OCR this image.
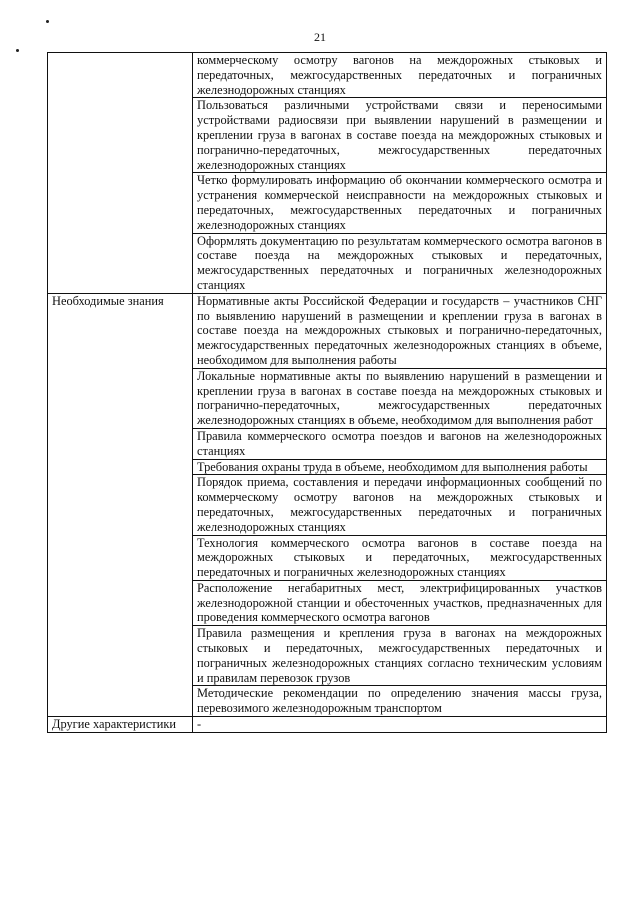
21
	коммерческому осмотру вагонов на междорожных стыковых и передаточных, межгосударственных передаточных и пограничных железнодорожных станциях
	Пользоваться различными устройствами связи и переносимыми устройствами радиосвязи при выявлении нарушений в размещении и креплении груза в вагонах в составе поезда на междорожных стыковых и погранично-передаточных, межгосударственных передаточных железнодорожных станциях
	Четко формулировать информацию об окончании коммерческого осмотра и устранения коммерческой неисправности на междорожных стыковых и передаточных, межгосударственных передаточных и пограничных железнодорожных станциях
	Оформлять документацию по результатам коммерческого осмотра вагонов в составе поезда на междорожных стыковых и передаточных, межгосударственных передаточных и пограничных железнодорожных станциях
Необходимые знания	Нормативные акты Российской Федерации и государств – участников СНГ по выявлению нарушений в размещении и креплении груза в вагонах в составе поезда на междорожных стыковых и погранично-передаточных, межгосударственных передаточных железнодорожных станциях в объеме, необходимом для выполнения работы
	Локальные нормативные акты по выявлению нарушений в размещении и креплении груза в вагонах в составе поезда на междорожных стыковых и погранично-передаточных, межгосударственных передаточных железнодорожных станциях в объеме, необходимом для выполнения работ
	Правила коммерческого осмотра поездов и вагонов на железнодорожных станциях
	Требования охраны труда в объеме, необходимом для выполнения работы
	Порядок приема, составления и передачи информационных сообщений по коммерческому осмотру вагонов на междорожных стыковых и передаточных, межгосударственных передаточных и пограничных железнодорожных станциях
	Технология коммерческого осмотра вагонов в составе поезда на междорожных стыковых и передаточных, межгосударственных передаточных и пограничных железнодорожных станциях
	Расположение негабаритных мест, электрифицированных участков железнодорожной станции и обесточенных участков, предназначенных для проведения коммерческого осмотра вагонов
	Правила размещения и крепления груза в вагонах на междорожных стыковых и передаточных, межгосударственных передаточных и пограничных железнодорожных станциях согласно техническим условиям и правилам перевозок грузов
	Методические рекомендации по определению значения массы груза, перевозимого железнодорожным транспортом
Другие характеристики	-
